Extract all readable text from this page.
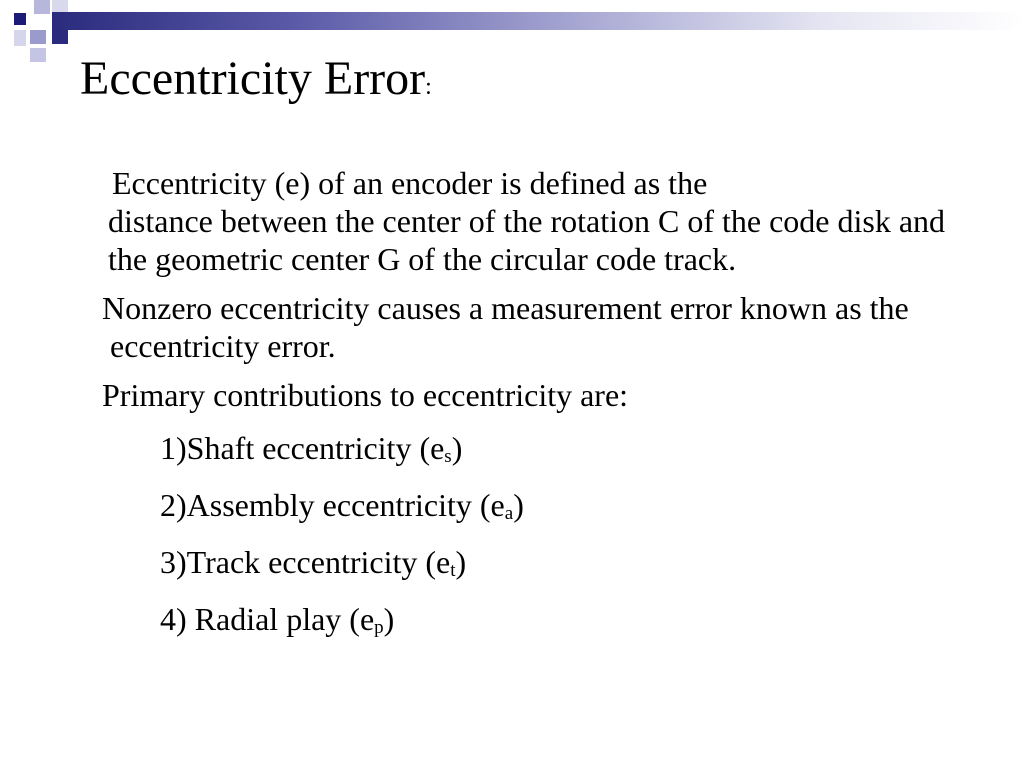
Eccentricity Error:

Eccentricity (e) of an encoder is defined as the
distance between the center of the rotation C of the code disk and the geometric center G of the circular code track.

Nonzero eccentricity causes a measurement error known as the eccentricity error.

Primary contributions to eccentricity are:

1)Shaft eccentricity (es)

2)Assembly eccentricity (ea)

3)Track eccentricity (et)

4) Radial play (ep)
